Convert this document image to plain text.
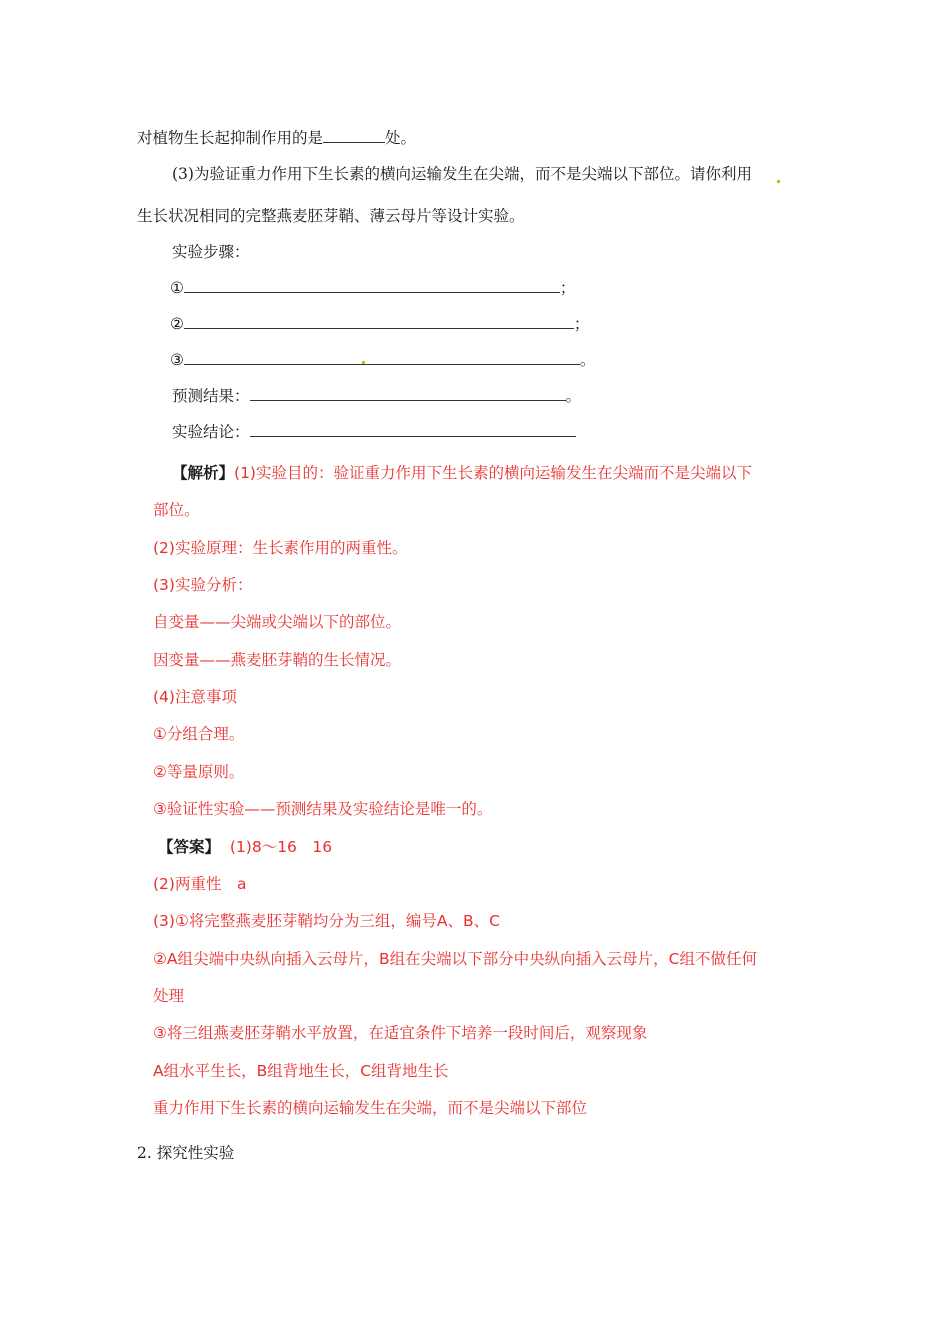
对植物生长起抑制作用的是	处。
(3)为验证重力作用下生长素的横向运输发生在尖端，而不是尖端以下部位。请你利用
生长状况相同的完整燕麦胚芽鞘、薄云母片等设计实验。
实验步骤：
①	；
②	；
③	。
预测结果：	。
实验结论：
【解析】(1)实验目的：验证重力作用下生长素的横向运输发生在尖端而不是尖端以下
部位。
(2)实验原理：生长素作用的两重性。
(3)实验分析：
自变量——尖端或尖端以下的部位。
因变量——燕麦胚芽鞘的生长情况。
(4)注意事项
①分组合理。
②等量原则。
③验证性实验——预测结果及实验结论是唯一的。
【答案】 (1)8～16　16
(2)两重性　a
(3)①将完整燕麦胚芽鞘均分为三组，编号A、B、C
②A组尖端中央纵向插入云母片，B组在尖端以下部分中央纵向插入云母片，C组不做任何
处理
③将三组燕麦胚芽鞘水平放置，在适宜条件下培养一段时间后，观察现象
A组水平生长，B组背地生长，C组背地生长
重力作用下生长素的横向运输发生在尖端，而不是尖端以下部位
2. 探究性实验
